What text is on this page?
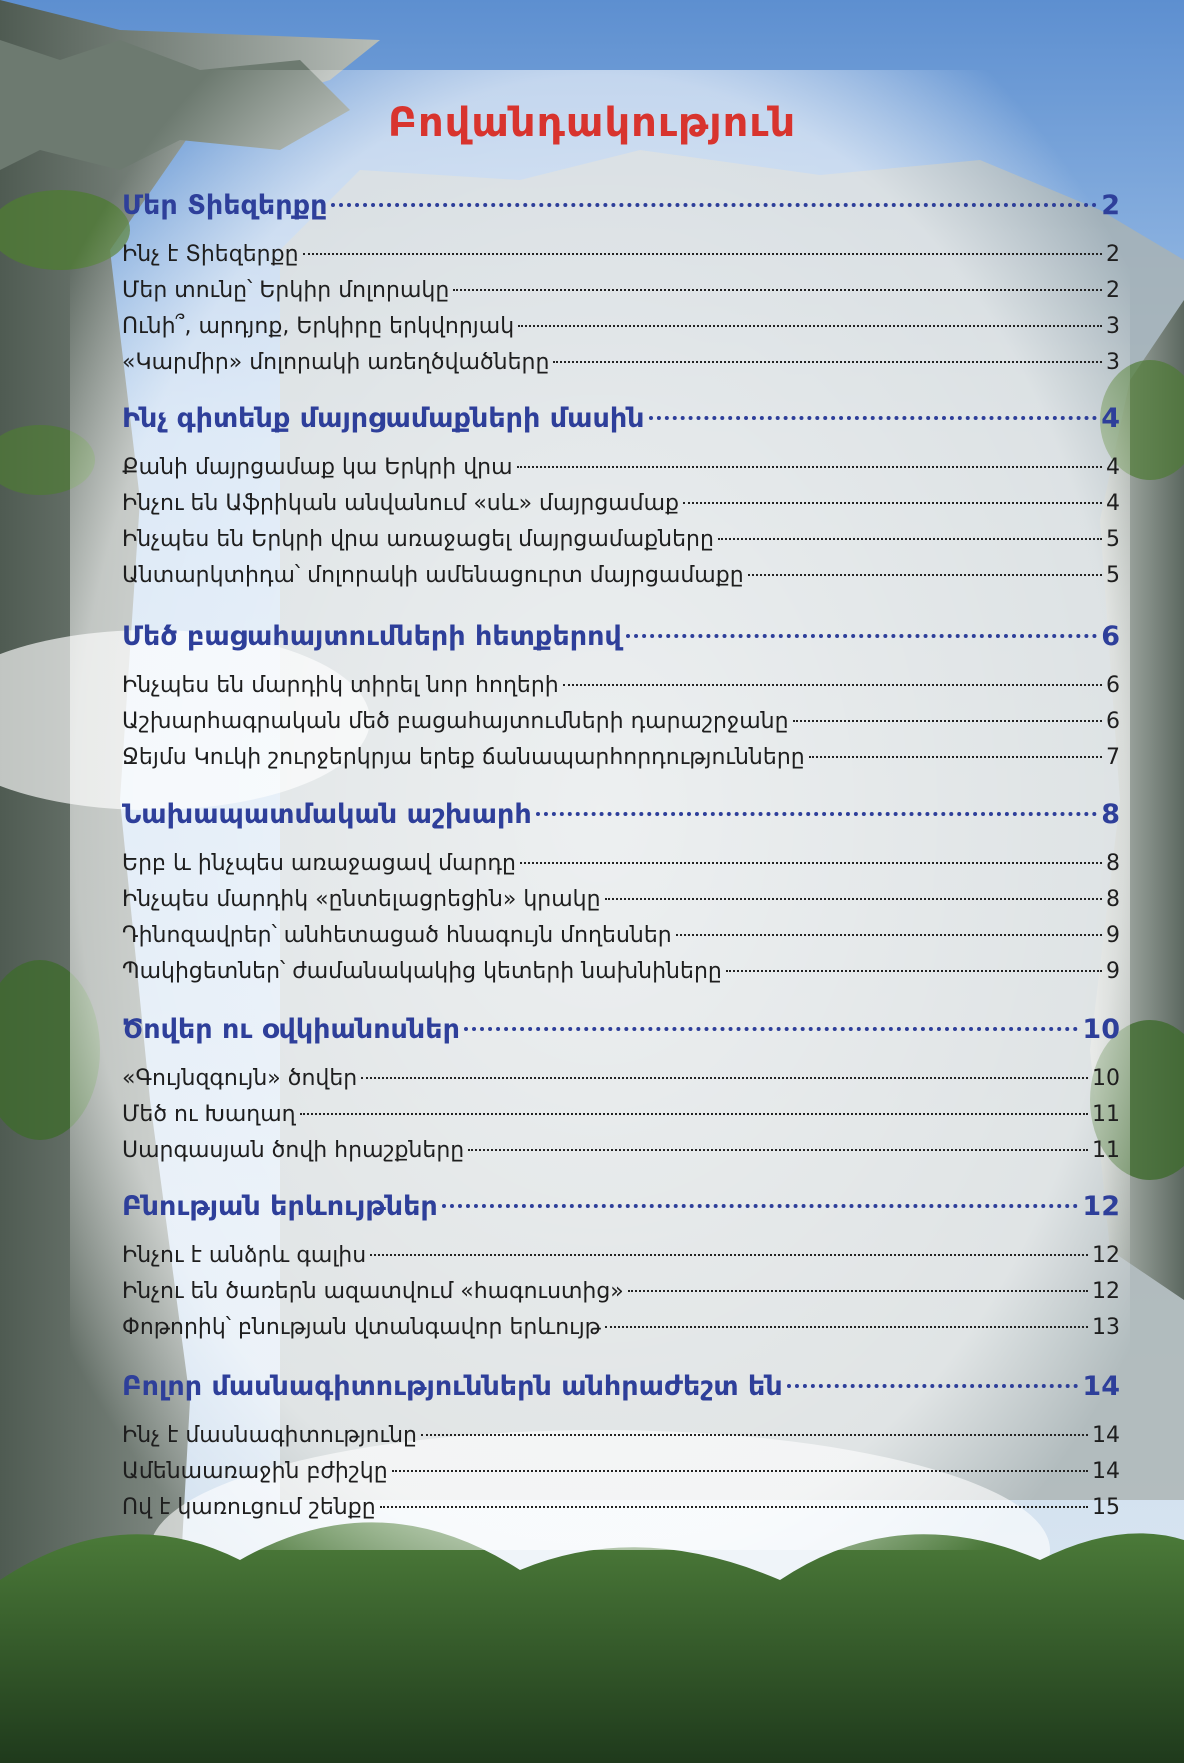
Բովանդակություն
Մեր Տիեզերքը	2
Ինչ է Տիեզերքը	2
Մեր տունը՝ Երկիր մոլորակը	2
Ունի՞, արդյոք, Երկիրը երկվորյակ	3
«Կարմիր» մոլորակի առեղծվածները	3
Ինչ գիտենք մայրցամաքների մասին	4
Քանի մայրցամաք կա Երկրի վրա	4
Ինչու են Աֆրիկան անվանում «սև» մայրցամաք	4
Ինչպես են Երկրի վրա առաջացել մայրցամաքները	5
Անտարկտիդա՝ մոլորակի ամենացուրտ մայրցամաքը	5
Մեծ բացահայտումների հետքերով	6
Ինչպես են մարդիկ տիրել նոր հողերի	6
Աշխարհագրական մեծ բացահայտումների դարաշրջանը	6
Ջեյմս Կուկի շուրջերկրյա երեք ճանապարհորդությունները	7
Նախապատմական աշխարհ	8
Երբ և ինչպես առաջացավ մարդը	8
Ինչպես մարդիկ «ընտելացրեցին» կրակը	8
Դինոզավրեր՝ անհետացած հնագույն մողեսներ	9
Պակիցետներ՝ ժամանակակից կետերի նախնիները	9
Ծովեր ու օվկիանոսներ	10
«Գույնզգույն» ծովեր	10
Մեծ ու Խաղաղ	11
Սարգասյան ծովի հրաշքները	11
Բնության երևույթներ	12
Ինչու է անձրև գալիս	12
Ինչու են ծառերն ազատվում «հագուստից»	12
Փոթորիկ՝ բնության վտանգավոր երևույթ	13
Բոլոր մասնագիտություններն անհրաժեշտ են	14
Ինչ է մասնագիտությունը	14
Ամենաառաջին բժիշկը	14
Ով է կառուցում շենքը	15
